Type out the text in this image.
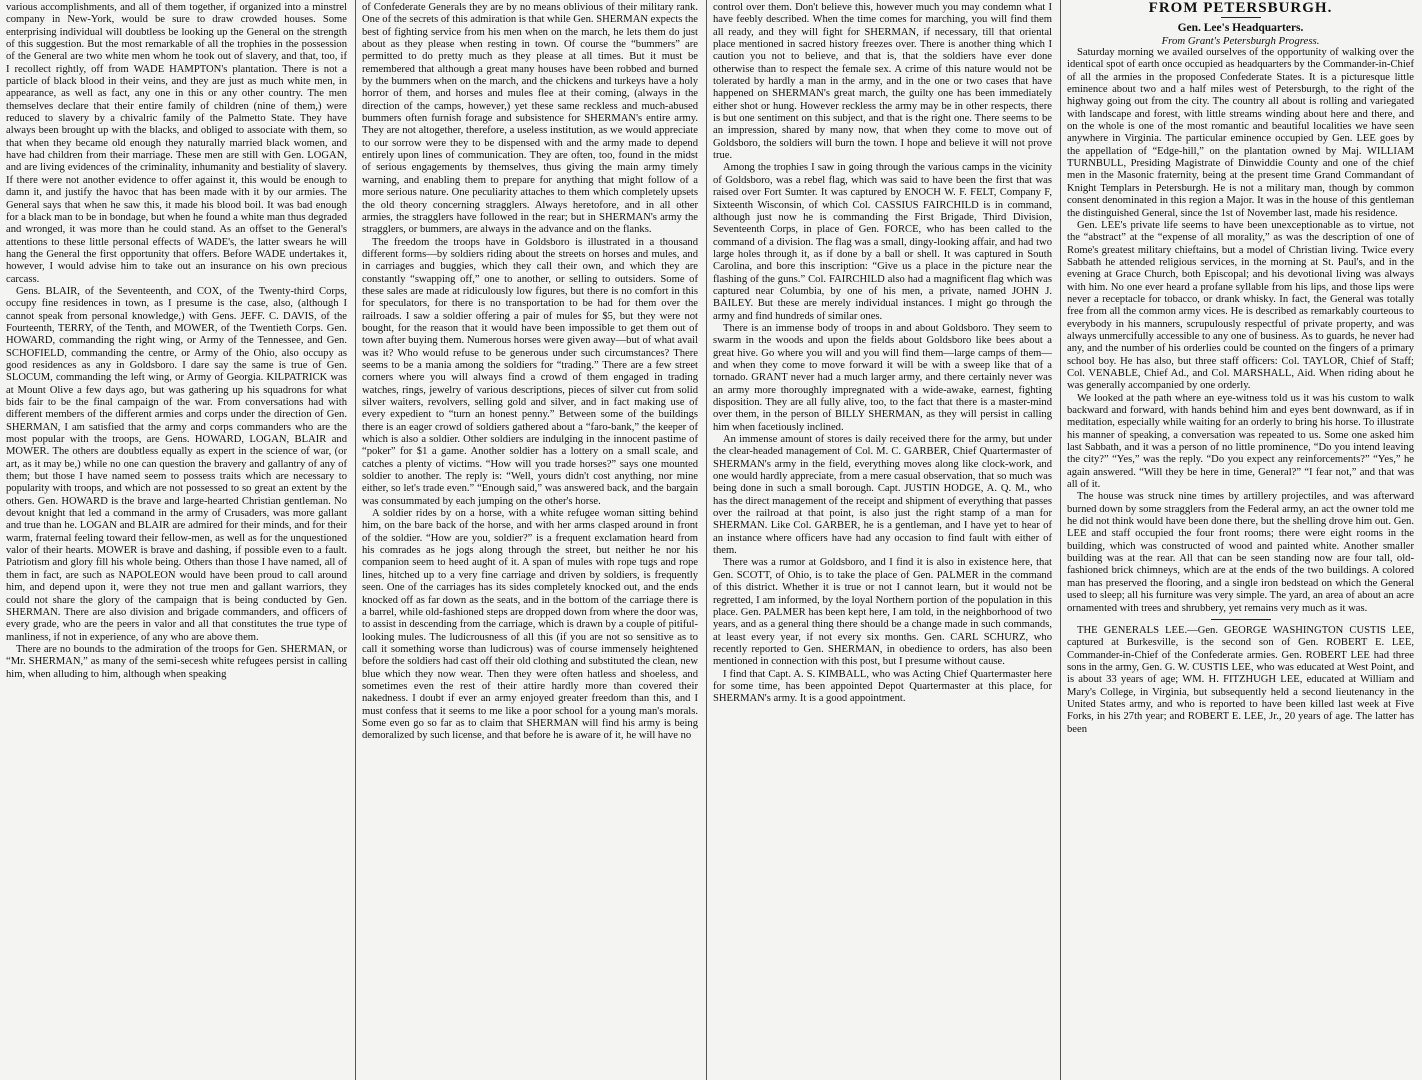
various accomplishments, and all of them together, if organized into a minstrel company in New-York, would be sure to draw crowded houses. Some enterprising individual will doubtless be looking up the General on the strength of this suggestion. But the most remarkable of all the trophies in the possession of the General are two white men whom he took out of slavery, and that, too, if I recollect rightly, off from WADE HAMPTON's plantation. There is not a particle of black blood in their veins, and they are just as much white men, in appearance, as well as fact, any one in this or any other country. The men themselves declare that their entire family of children (nine of them,) were reduced to slavery by a chivalric family of the Palmetto State. They have always been brought up with the blacks, and obliged to associate with them, so that when they became old enough they naturally married black women, and have had children from their marriage. These men are still with Gen. LOGAN, and are living evidences of the criminality, inhumanity and bestiality of slavery. If there were not another evidence to offer against it, this would be enough to damn it, and justify the havoc that has been made with it by our armies. The General says that when he saw this, it made his blood boil. It was bad enough for a black man to be in bondage, but when he found a white man thus degraded and wronged, it was more than he could stand. As an offset to the General's attentions to these little personal effects of WADE's, the latter swears he will hang the General the first opportunity that offers. Before WADE undertakes it, however, I would advise him to take out an insurance on his own precious carcass.

Gens. BLAIR, of the Seventeenth, and COX, of the Twenty-third Corps, occupy fine residences in town, as I presume is the case, also, (although I cannot speak from personal knowledge,) with Gens. JEFF. C. DAVIS, of the Fourteenth, TERRY, of the Tenth, and MOWER, of the Twentieth Corps. Gen. HOWARD, commanding the right wing, or Army of the Tennessee, and Gen. SCHOFIELD, commanding the centre, or Army of the Ohio, also occupy as good residences as any in Goldsboro. I dare say the same is true of Gen. SLOCUM, commanding the left wing, or Army of Georgia. KILPATRICK was at Mount Olive a few days ago, but was gathering up his squadrons for what bids fair to be the final campaign of the war. From conversations had with different members of the different armies and corps under the direction of Gen. SHERMAN, I am satisfied that the army and corps commanders who are the most popular with the troops, are Gens. HOWARD, LOGAN, BLAIR and MOWER. The others are doubtless equally as expert in the science of war, (or art, as it may be,) while no one can question the bravery and gallantry of any of them; but those I have named seem to possess traits which are necessary to popularity with troops, and which are not possessed to so great an extent by the others. Gen. HOWARD is the brave and large-hearted Christian gentleman. No devout knight that led a command in the army of Crusaders, was more gallant and true than he. LOGAN and BLAIR are admired for their minds, and for their warm, fraternal feeling toward their fellow-men, as well as for the unquestioned valor of their hearts. MOWER is brave and dashing, if possible even to a fault. Patriotism and glory fill his whole being. Others than those I have named, all of them in fact, are such as NAPOLEON would have been proud to call around him, and depend upon it, were they not true men and gallant warriors, they could not share the glory of the campaign that is being conducted by Gen. SHERMAN. There are also division and brigade commanders, and officers of every grade, who are the peers in valor and all that constitutes the true type of manliness, if not in experience, of any who are above them.

There are no bounds to the admiration of the troops for Gen. SHERMAN, or “Mr. SHERMAN,” as many of the semi-secesh white refugees persist in calling him, when alluding to him, although when speaking

of Confederate Generals they are by no means oblivious of their military rank. One of the secrets of this admiration is that while Gen. SHERMAN expects the best of fighting service from his men when on the march, he lets them do just about as they please when resting in town. Of course the “bummers” are permitted to do pretty much as they please at all times. But it must be remembered that although a great many houses have been robbed and burned by the bummers when on the march, and the chickens and turkeys have a holy horror of them, and horses and mules flee at their coming, (always in the direction of the camps, however,) yet these same reckless and much-abused bummers often furnish forage and subsistence for SHERMAN's entire army. They are not altogether, therefore, a useless institution, as we would appreciate to our sorrow were they to be dispensed with and the army made to depend entirely upon lines of communication. They are often, too, found in the midst of serious engagements by themselves, thus giving the main army timely warning, and enabling them to prepare for anything that might follow of a more serious nature. One peculiarity attaches to them which completely upsets the old theory concerning stragglers. Always heretofore, and in all other armies, the stragglers have followed in the rear; but in SHERMAN's army the stragglers, or bummers, are always in the advance and on the flanks.

The freedom the troops have in Goldsboro is illustrated in a thousand different forms—by soldiers riding about the streets on horses and mules, and in carriages and buggies, which they call their own, and which they are constantly “swapping off,” one to another, or selling to outsiders. Some of these sales are made at ridiculously low figures, but there is no comfort in this for speculators, for there is no transportation to be had for them over the railroads. I saw a soldier offering a pair of mules for $5, but they were not bought, for the reason that it would have been impossible to get them out of town after buying them. Numerous horses were given away—but of what avail was it? Who would refuse to be generous under such circumstances? There seems to be a mania among the soldiers for “trading.” There are a few street corners where you will always find a crowd of them engaged in trading watches, rings, jewelry of various descriptions, pieces of silver cut from solid silver waiters, revolvers, selling gold and silver, and in fact making use of every expedient to “turn an honest penny.” Between some of the buildings there is an eager crowd of soldiers gathered about a “faro-bank,” the keeper of which is also a soldier. Other soldiers are indulging in the innocent pastime of “poker” for $1 a game. Another soldier has a lottery on a small scale, and catches a plenty of victims. “How will you trade horses?” says one mounted soldier to another. The reply is: “Well, yours didn't cost anything, nor mine either, so let's trade even.” “Enough said,” was answered back, and the bargain was consummated by each jumping on the other's horse.

A soldier rides by on a horse, with a white refugee woman sitting behind him, on the bare back of the horse, and with her arms clasped around in front of the soldier. “How are you, soldier?” is a frequent exclamation heard from his comrades as he jogs along through the street, but neither he nor his companion seem to heed aught of it. A span of mules with rope tugs and rope lines, hitched up to a very fine carriage and driven by soldiers, is frequently seen. One of the carriages has its sides completely knocked out, and the ends knocked off as far down as the seats, and in the bottom of the carriage there is a barrel, while old-fashioned steps are dropped down from where the door was, to assist in descending from the carriage, which is drawn by a couple of pitiful-looking mules. The ludicrousness of all this (if you are not so sensitive as to call it something worse than ludicrous) was of course immensely heightened before the soldiers had cast off their old clothing and substituted the clean, new blue which they now wear. Then they were often hatless and shoeless, and sometimes even the rest of their attire hardly more than covered their nakedness. I doubt if ever an army enjoyed greater freedom than this, and I must confess that it seems to me like a poor school for a young man's morals. Some even go so far as to claim that SHERMAN will find his army is being demoralized by such license, and that before he is aware of it, he will have no

control over them. Don't believe this, however much you may condemn what I have feebly described. When the time comes for marching, you will find them all ready, and they will fight for SHERMAN, if necessary, till that oriental place mentioned in sacred history freezes over. There is another thing which I caution you not to believe, and that is, that the soldiers have ever done otherwise than to respect the female sex. A crime of this nature would not be tolerated by hardly a man in the army, and in the one or two cases that have happened on SHERMAN's great march, the guilty one has been immediately either shot or hung. However reckless the army may be in other respects, there is but one sentiment on this subject, and that is the right one. There seems to be an impression, shared by many now, that when they come to move out of Goldsboro, the soldiers will burn the town. I hope and believe it will not prove true.

Among the trophies I saw in going through the various camps in the vicinity of Goldsboro, was a rebel flag, which was said to have been the first that was raised over Fort Sumter. It was captured by ENOCH W. F. FELT, Company F, Sixteenth Wisconsin, of which Col. CASSIUS FAIRCHILD is in command, although just now he is commanding the First Brigade, Third Division, Seventeenth Corps, in place of Gen. FORCE, who has been called to the command of a division. The flag was a small, dingy-looking affair, and had two large holes through it, as if done by a ball or shell. It was captured in South Carolina, and bore this inscription: “Give us a place in the picture near the flashing of the guns.” Col. FAIRCHILD also had a magnificent flag which was captured near Columbia, by one of his men, a private, named JOHN J. BAILEY. But these are merely individual instances. I might go through the army and find hundreds of similar ones.

There is an immense body of troops in and about Goldsboro. They seem to swarm in the woods and upon the fields about Goldsboro like bees about a great hive. Go where you will and you will find them—large camps of them—and when they come to move forward it will be with a sweep like that of a tornado. GRANT never had a much larger army, and there certainly never was an army more thoroughly impregnated with a wide-awake, earnest, fighting disposition. They are all fully alive, too, to the fact that there is a master-mind over them, in the person of BILLY SHERMAN, as they will persist in calling him when facetiously inclined.

An immense amount of stores is daily received there for the army, but under the clear-headed management of Col. M. C. GARBER, Chief Quartermaster of SHERMAN's army in the field, everything moves along like clock-work, and one would hardly appreciate, from a mere casual observation, that so much was being done in such a small borough. Capt. JUSTIN HODGE, A. Q. M., who has the direct management of the receipt and shipment of everything that passes over the railroad at that point, is also just the right stamp of a man for SHERMAN. Like Col. GARBER, he is a gentleman, and I have yet to hear of an instance where officers have had any occasion to find fault with either of them.

There was a rumor at Goldsboro, and I find it is also in existence here, that Gen. SCOTT, of Ohio, is to take the place of Gen. PALMER in the command of this district. Whether it is true or not I cannot learn, but it would not be regretted, I am informed, by the loyal Northern portion of the population in this place. Gen. PALMER has been kept here, I am told, in the neighborhood of two years, and as a general thing there should be a change made in such commands, at least every year, if not every six months. Gen. CARL SCHURZ, who recently reported to Gen. SHERMAN, in obedience to orders, has also been mentioned in connection with this post, but I presume without cause.

I find that Capt. A. S. KIMBALL, who was Acting Chief Quartermaster here for some time, has been appointed Depot Quartermaster at this place, for SHERMAN's army. It is a good appointment.

FROM PETERSBURGH.

Gen. Lee's Headquarters.

From Grant's Petersburgh Progress.

Saturday morning we availed ourselves of the opportunity of walking over the identical spot of earth once occupied as headquarters by the Commander-in-Chief of all the armies in the proposed Confederate States. It is a picturesque little eminence about two and a half miles west of Petersburgh, to the right of the highway going out from the city. The country all about is rolling and variegated with landscape and forest, with little streams winding about here and there, and on the whole is one of the most romantic and beautiful localities we have seen anywhere in Virginia. The particular eminence occupied by Gen. LEE goes by the appellation of “Edge-hill,” on the plantation owned by Maj. WILLIAM TURNBULL, Presiding Magistrate of Dinwiddie County and one of the chief men in the Masonic fraternity, being at the present time Grand Commandant of Knight Templars in Petersburgh. He is not a military man, though by common consent denominated in this region a Major. It was in the house of this gentleman the distinguished General, since the 1st of November last, made his residence.

Gen. LEE's private life seems to have been unexceptionable as to virtue, not the “abstract” at the “expense of all morality,” as was the description of one of Rome's greatest military chieftains, but a model of Christian living. Twice every Sabbath he attended religious services, in the morning at St. Paul's, and in the evening at Grace Church, both Episcopal; and his devotional living was always with him. No one ever heard a profane syllable from his lips, and those lips were never a receptacle for tobacco, or drank whisky. In fact, the General was totally free from all the common army vices. He is described as remarkably courteous to everybody in his manners, scrupulously respectful of private property, and was always unmercifully accessible to any one of business. As to guards, he never had any, and the number of his orderlies could be counted on the fingers of a primary school boy. He has also, but three staff officers: Col. TAYLOR, Chief of Staff; Col. VENABLE, Chief Ad., and Col. MARSHALL, Aid. When riding about he was generally accompanied by one orderly.

We looked at the path where an eye-witness told us it was his custom to walk backward and forward, with hands behind him and eyes bent downward, as if in meditation, especially while waiting for an orderly to bring his horse. To illustrate his manner of speaking, a conversation was repeated to us. Some one asked him last Sabbath, and it was a person of no little prominence, “Do you intend leaving the city?” “Yes,” was the reply. “Do you expect any reinforcements?” “Yes,” he again answered. “Will they be here in time, General?” “I fear not,” and that was all of it.

The house was struck nine times by artillery projectiles, and was afterward burned down by some stragglers from the Federal army, an act the owner told me he did not think would have been done there, but the shelling drove him out. Gen. LEE and staff occupied the four front rooms; there were eight rooms in the building, which was constructed of wood and painted white. Another smaller building was at the rear. All that can be seen standing now are four tall, old-fashioned brick chimneys, which are at the ends of the two buildings. A colored man has preserved the flooring, and a single iron bedstead on which the General used to sleep; all his furniture was very simple. The yard, an area of about an acre ornamented with trees and shrubbery, yet remains very much as it was.

THE GENERALS LEE.—Gen. GEORGE WASHINGTON CUSTIS LEE, captured at Burkesville, is the second son of Gen. ROBERT E. LEE, Commander-in-Chief of the Confederate armies. Gen. ROBERT LEE had three sons in the army, Gen. G. W. CUSTIS LEE, who was educated at West Point, and is about 33 years of age; WM. H. FITZHUGH LEE, educated at William and Mary's College, in Virginia, but subsequently held a second lieutenancy in the United States army, and who is reported to have been killed last week at Five Forks, in his 27th year; and ROBERT E. LEE, Jr., 20 years of age. The latter has been
